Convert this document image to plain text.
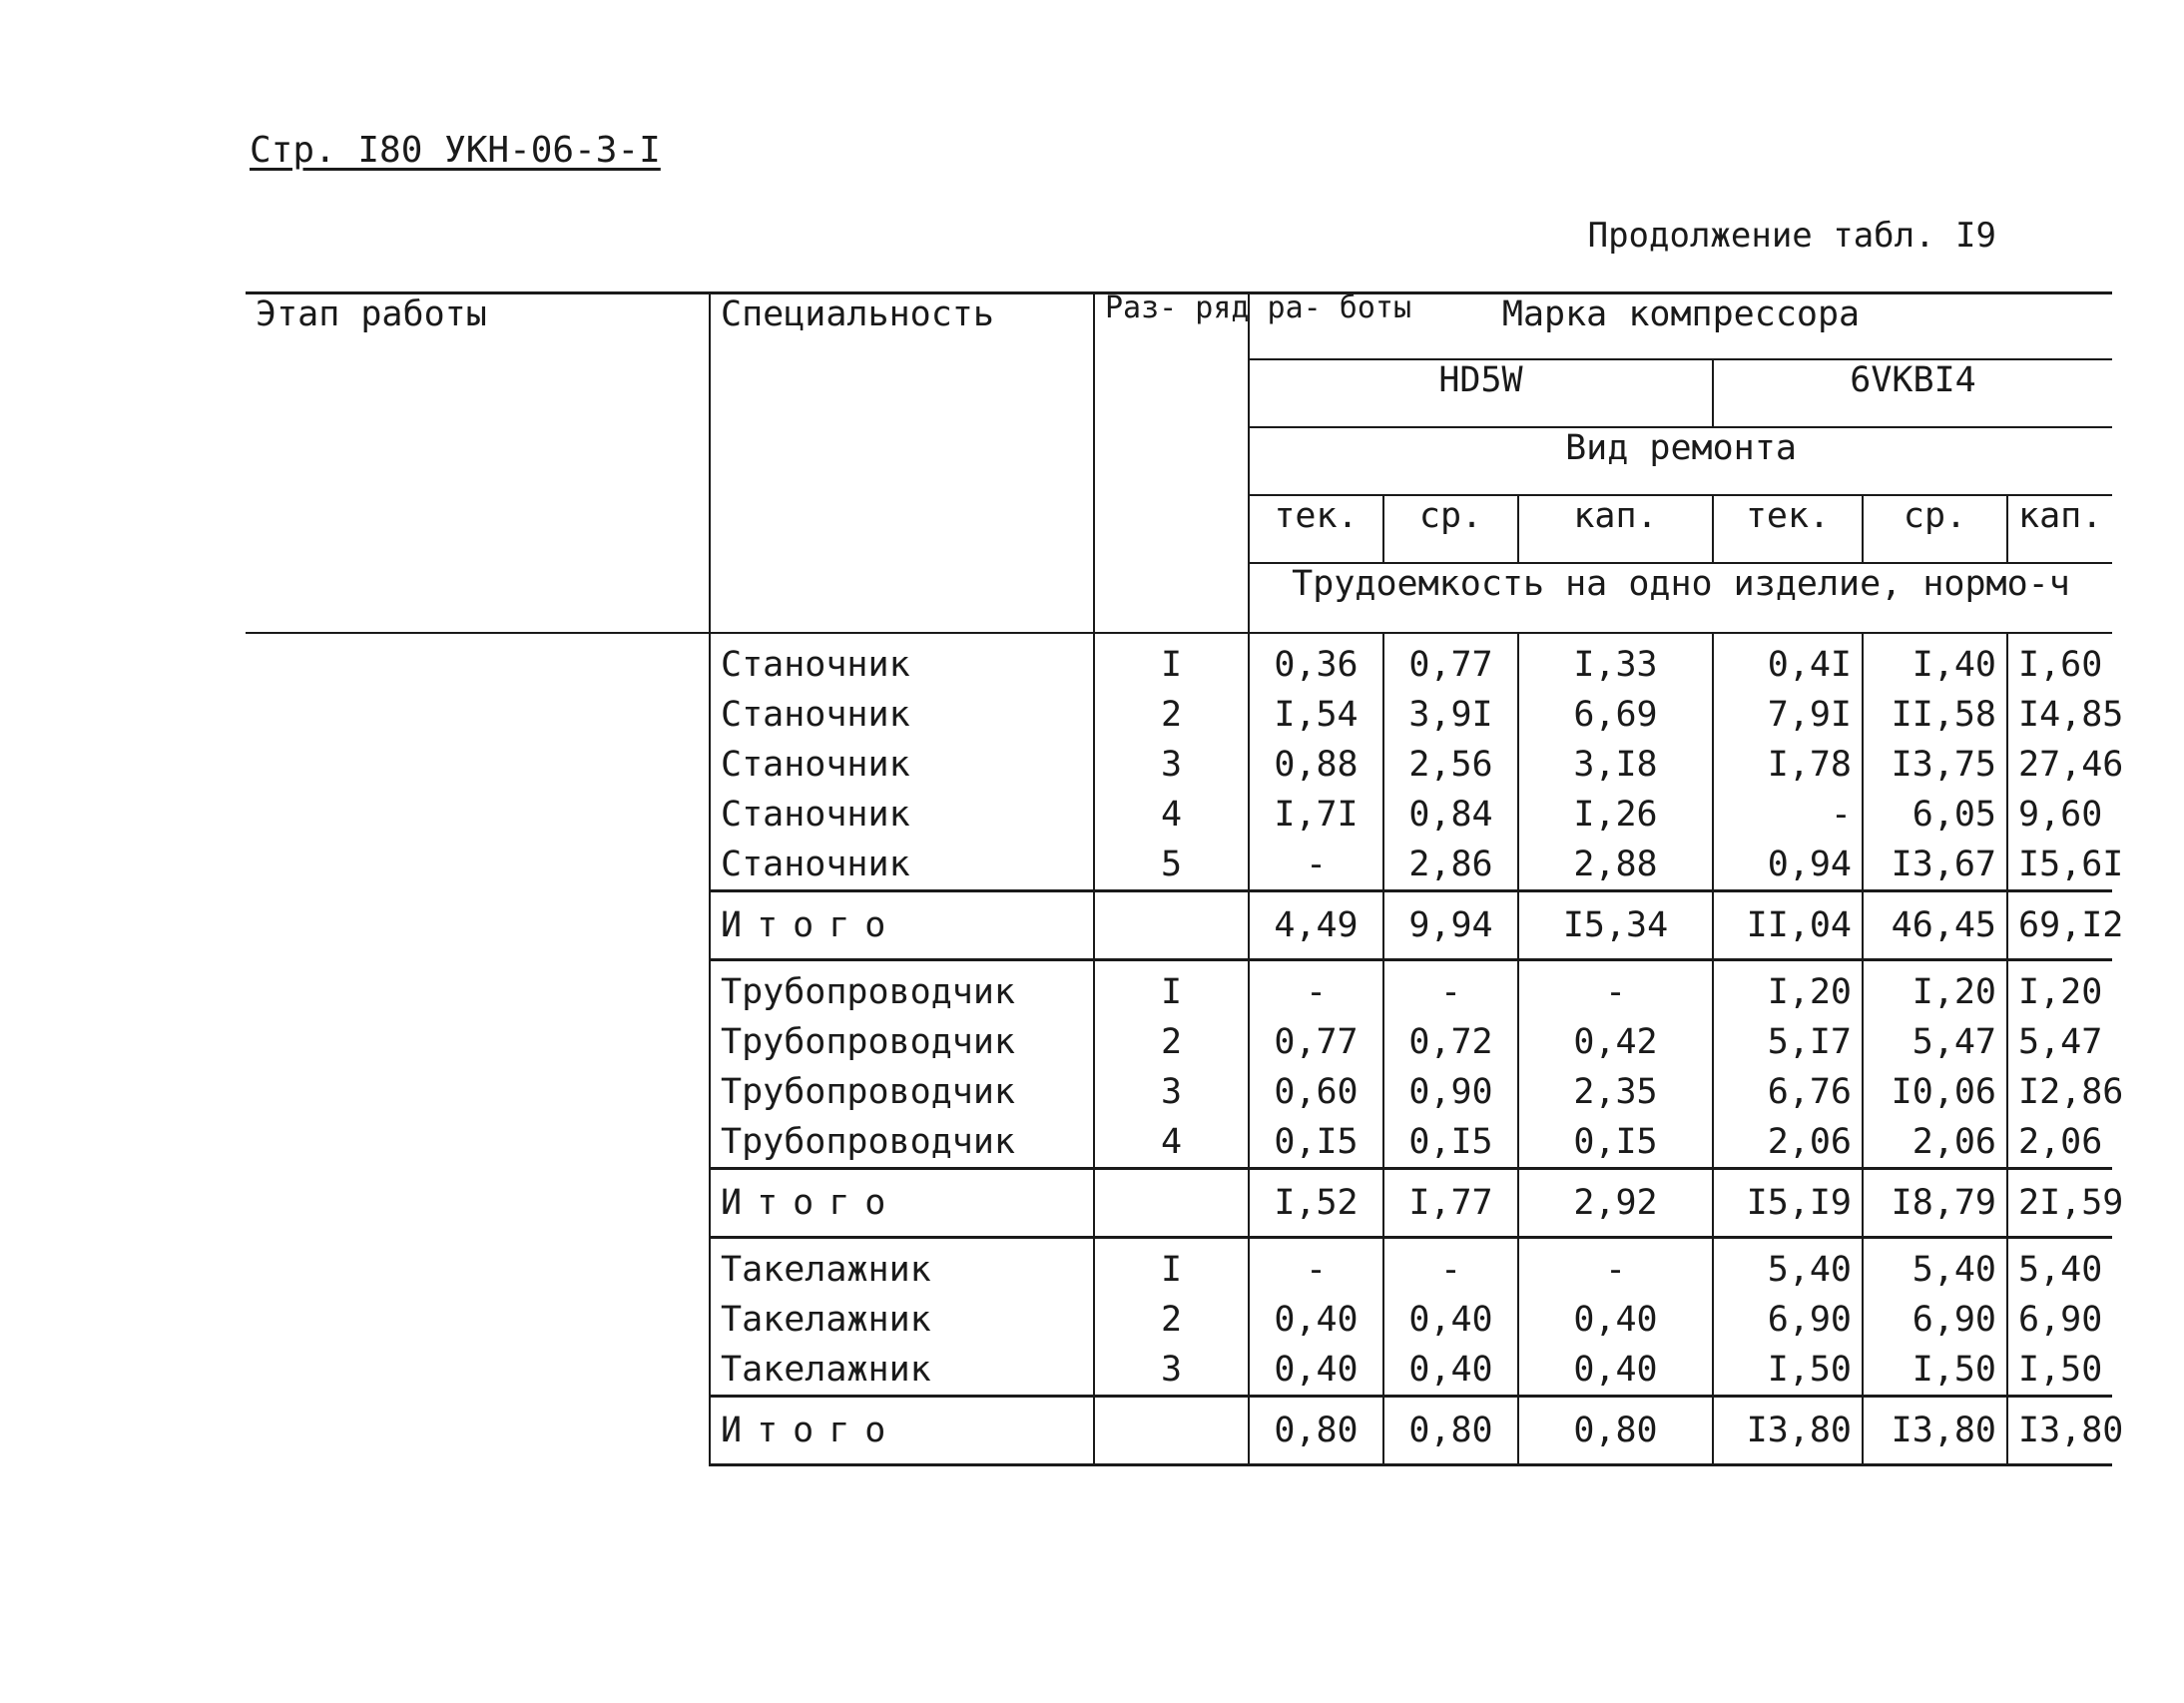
Стр. I80 УКН-06-3-I
Продолжение табл. I9
Этап работы	Специальность	Раз- ряд ра- боты	Марка компрессора					
			HD5W			6VKBI4		
			Вид ремонта					
			тек.	ср.	кап.	тек.	ср.	кап.
			Трудоемкость на одно изделие, нормо-ч					
	Станочник	I	0,36	0,77	I,33	0,4I	I,40	I,60
	Станочник	2	I,54	3,9I	6,69	7,9I	II,58	I4,85
	Станочник	3	0,88	2,56	3,I8	I,78	I3,75	27,46
	Станочник	4	I,7I	0,84	I,26	-	6,05	9,60
	Станочник	5	-	2,86	2,88	0,94	I3,67	I5,6I
	Итого		4,49	9,94	I5,34	II,04	46,45	69,I2
	Трубопроводчик	I	-	-	-	I,20	I,20	I,20
	Трубопроводчик	2	0,77	0,72	0,42	5,I7	5,47	5,47
	Трубопроводчик	3	0,60	0,90	2,35	6,76	I0,06	I2,86
	Трубопроводчик	4	0,I5	0,I5	0,I5	2,06	2,06	2,06
	Итого		I,52	I,77	2,92	I5,I9	I8,79	2I,59
	Такелажник	I	-	-	-	5,40	5,40	5,40
	Такелажник	2	0,40	0,40	0,40	6,90	6,90	6,90
	Такелажник	3	0,40	0,40	0,40	I,50	I,50	I,50
	Итого		0,80	0,80	0,80	I3,80	I3,80	I3,80
